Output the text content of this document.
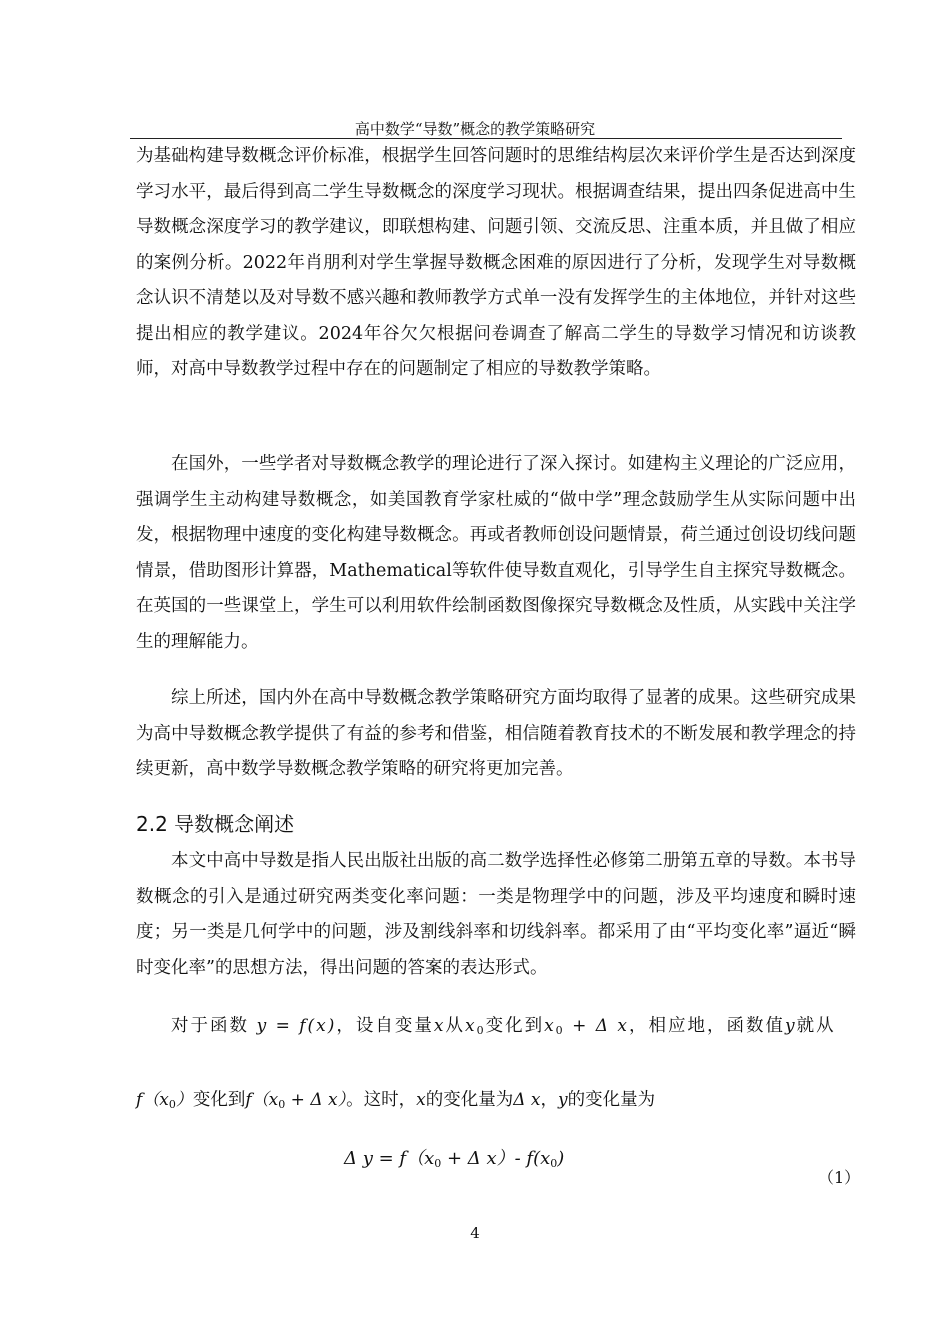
高中数学“导数”概念的教学策略研究

为基础构建导数概念评价标准，根据学生回答问题时的思维结构层次来评价学生是否达到深度学习水平，最后得到高二学生导数概念的深度学习现状。根据调查结果，提出四条促进高中生导数概念深度学习的教学建议，即联想构建、问题引领、交流反思、注重本质，并且做了相应的案例分析。2022年肖朋利对学生掌握导数概念困难的原因进行了分析，发现学生对导数概念认识不清楚以及对导数不感兴趣和教师教学方式单一没有发挥学生的主体地位，并针对这些提出相应的教学建议。2024年谷欠欠根据问卷调查了解高二学生的导数学习情况和访谈教师，对高中导数教学过程中存在的问题制定了相应的导数教学策略。

在国外，一些学者对导数概念教学的理论进行了深入探讨。如建构主义理论的广泛应用，强调学生主动构建导数概念，如美国教育学家杜威的“做中学”理念鼓励学生从实际问题中出发，根据物理中速度的变化构建导数概念。再或者教师创设问题情景，荷兰通过创设切线问题情景，借助图形计算器，Mathematical等软件使导数直观化，引导学生自主探究导数概念。在英国的一些课堂上，学生可以利用软件绘制函数图像探究导数概念及性质，从实践中关注学生的理解能力。

综上所述，国内外在高中导数概念教学策略研究方面均取得了显著的成果。这些研究成果为高中导数概念教学提供了有益的参考和借鉴，相信随着教育技术的不断发展和教学理念的持续更新，高中数学导数概念教学策略的研究将更加完善。

2.2 导数概念阐述

本文中高中导数是指人民出版社出版的高二数学选择性必修第二册第五章的导数。本书导数概念的引入是通过研究两类变化率问题：一类是物理学中的问题，涉及平均速度和瞬时速度；另一类是几何学中的问题，涉及割线斜率和切线斜率。都采用了由“平均变化率”逼近“瞬时变化率”的思想方法，得出问题的答案的表达形式。

对于函数 y = f(x)，设自变量x从$x_0$变化到$x_0 + \Delta$ x，相应地，函数值y就从
$f(x_0)$变化到$f(x_0 + \Delta$ x）。这时，x的变化量为Δ x，y的变化量为
Δ $y = f(x_0 + \Delta$ x）- $f(x_0)$
（1）
4
